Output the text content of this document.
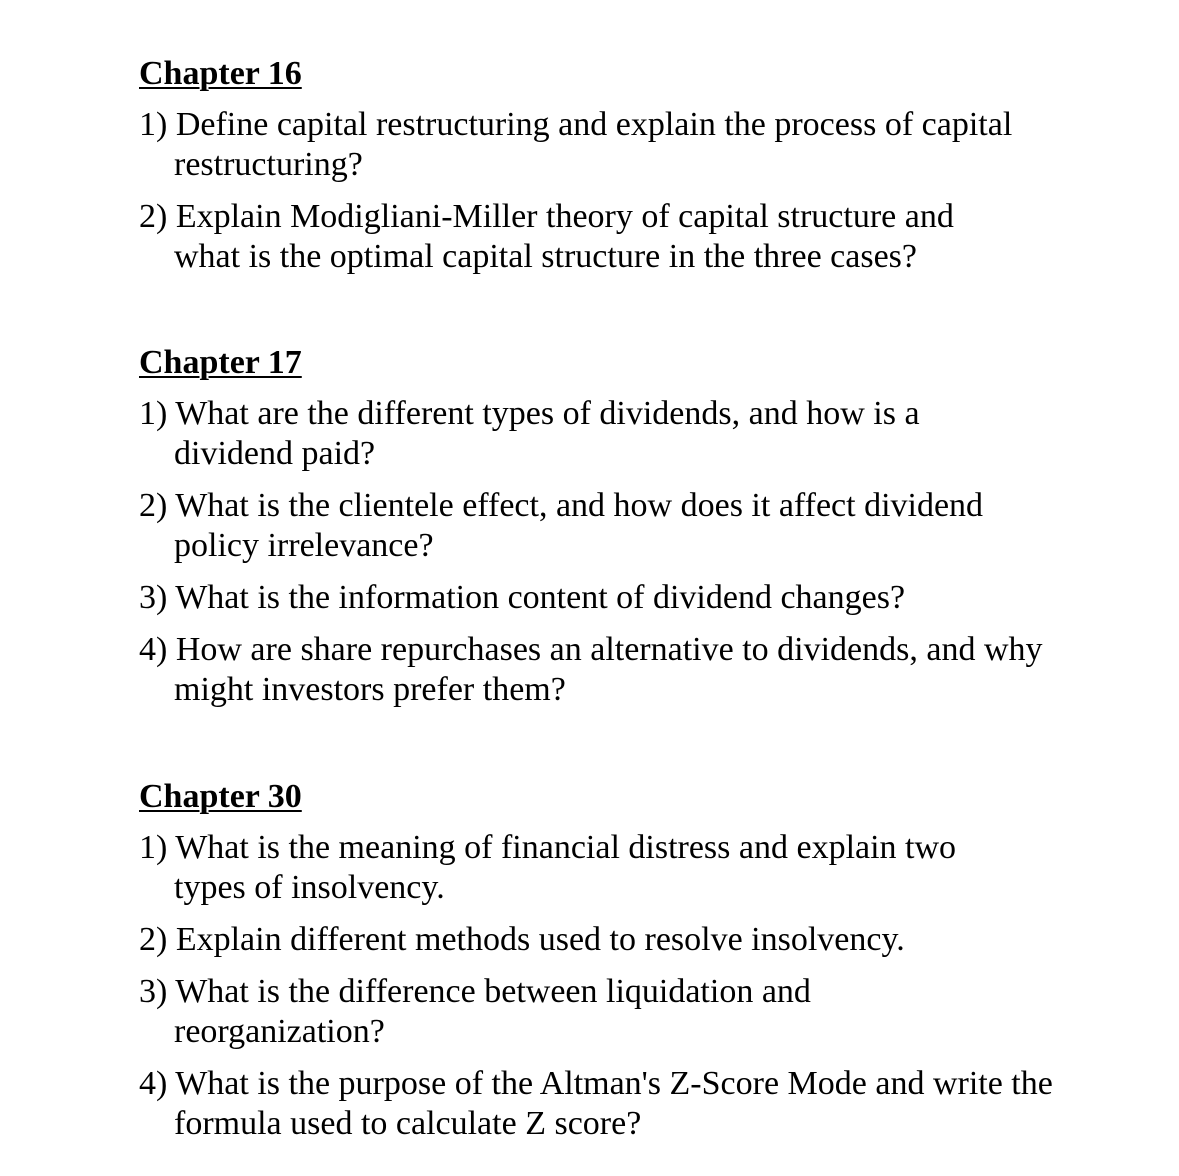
Chapter 16
1) Define capital restructuring and explain the process of capital restructuring?
2) Explain Modigliani-Miller theory of capital structure and what is the optimal capital structure in the three cases?
Chapter 17
1) What are the different types of dividends, and how is a dividend paid?
2) What is the clientele effect, and how does it affect dividend policy irrelevance?
3) What is the information content of dividend changes?
4) How are share repurchases an alternative to dividends, and why might investors prefer them?
Chapter 30
1) What is the meaning of financial distress and explain two types of insolvency.
2) Explain different methods used to resolve insolvency.
3) What is the difference between liquidation and reorganization?
4) What is the purpose of the Altman's Z-Score Mode and write the formula used to calculate Z score?
